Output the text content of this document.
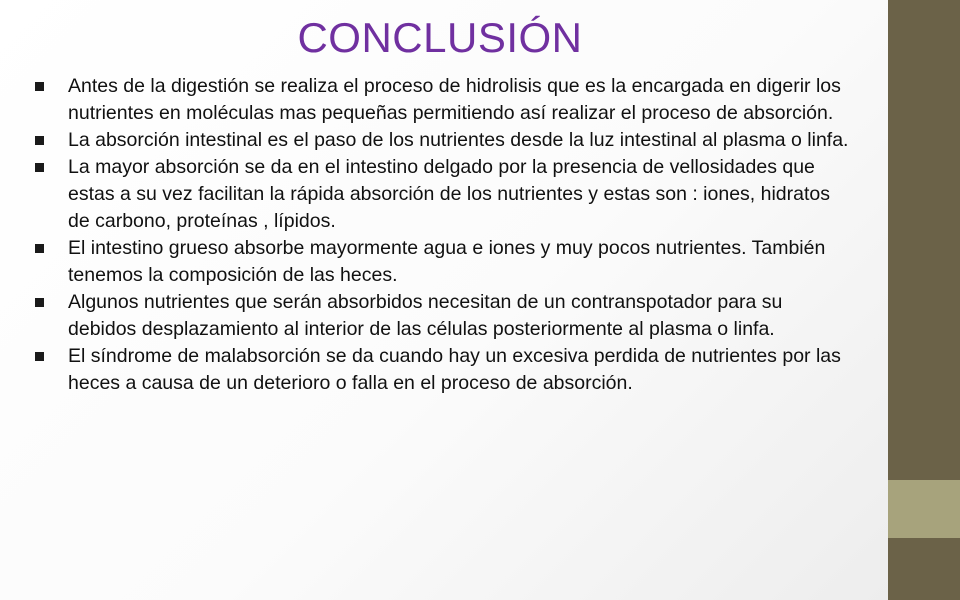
CONCLUSIÓN
Antes de la digestión se realiza el proceso de hidrolisis que es la encargada en digerir los nutrientes en moléculas mas pequeñas permitiendo así realizar el proceso de absorción.
La absorción intestinal es el paso de los nutrientes desde la luz intestinal al plasma o linfa.
La mayor absorción se da en el intestino delgado por la presencia de vellosidades que estas a su vez facilitan la rápida absorción de los nutrientes y estas son : iones, hidratos de carbono, proteínas , lípidos.
El intestino grueso absorbe mayormente agua e iones y muy pocos nutrientes. También tenemos la composición de las heces.
Algunos nutrientes que serán absorbidos necesitan de un contranspotador para su debidos desplazamiento al interior de las células posteriormente al plasma o linfa.
El síndrome de malabsorción se da cuando hay un excesiva perdida de nutrientes por las heces a causa de un deterioro o falla en el proceso de absorción.
